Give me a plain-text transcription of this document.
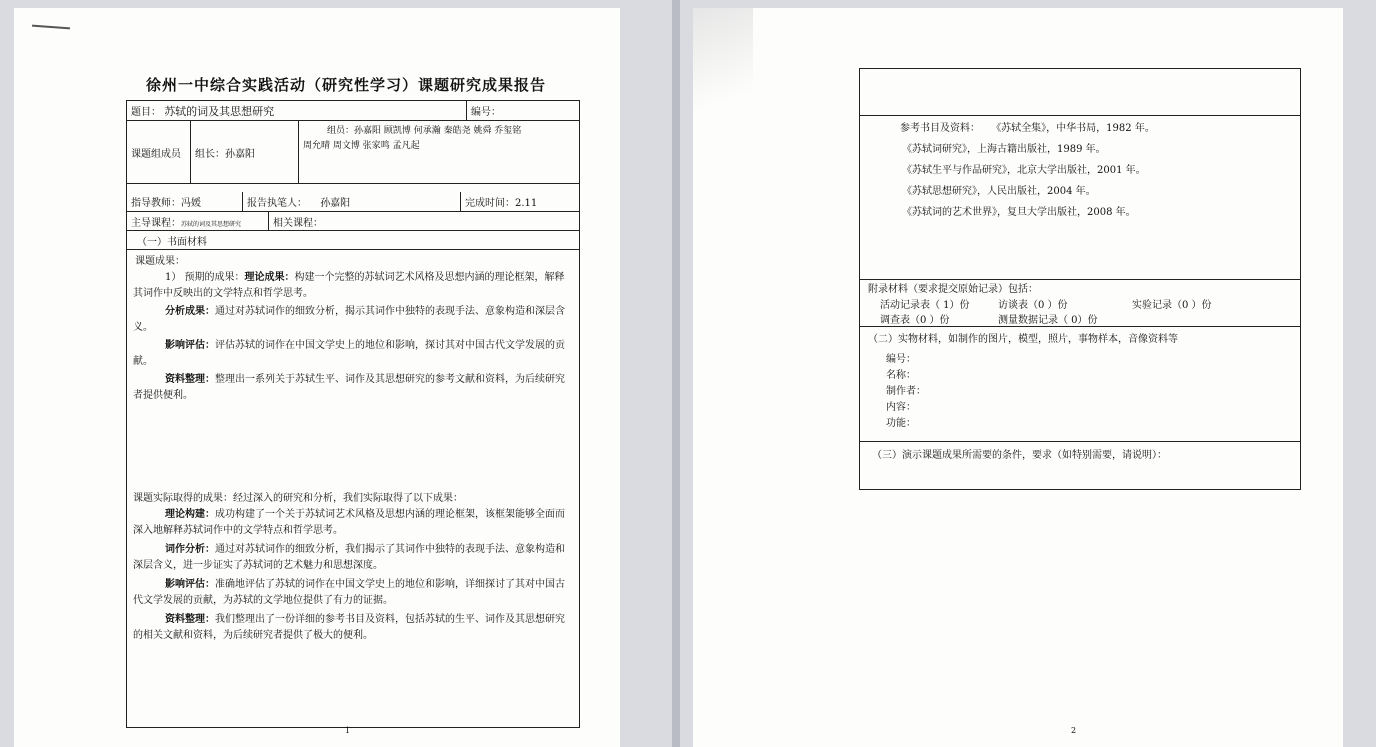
徐州一中综合实践活动（研究性学习）课题研究成果报告
题目： 苏轼的词及其思想研究	编号：
课题组成员	组长：孙嘉阳
组员：孙嘉阳 顾凯博 何承瀚 秦皓尧 姚舜 乔玺铭
周允晴 周文博 张家鸣 孟凡起
指导教师：冯媛	报告执笔人： 孙嘉阳	完成时间：2.11
主导课程：苏轼的词及其思想研究	相关课程：
（一）书面材料
课题成果：
1） 预期的成果：理论成果：构建一个完整的苏轼词艺术风格及思想内涵的理论框架，解释其词作中反映出的文学特点和哲学思考。
分析成果：通过对苏轼词作的细致分析，揭示其词作中独特的表现手法、意象构造和深层含义。
影响评估：评估苏轼的词作在中国文学史上的地位和影响，探讨其对中国古代文学发展的贡献。
资料整理：整理出一系列关于苏轼生平、词作及其思想研究的参考文献和资料，为后续研究者提供便利。
课题实际取得的成果：经过深入的研究和分析，我们实际取得了以下成果：
理论构建：成功构建了一个关于苏轼词艺术风格及思想内涵的理论框架，该框架能够全面而深入地解释苏轼词作中的文学特点和哲学思考。
词作分析：通过对苏轼词作的细致分析，我们揭示了其词作中独特的表现手法、意象构造和深层含义，进一步证实了苏轼词的艺术魅力和思想深度。
影响评估：准确地评估了苏轼的词作在中国文学史上的地位和影响，详细探讨了其对中国古代文学发展的贡献，为苏轼的文学地位提供了有力的证据。
资料整理：我们整理出了一份详细的参考书目及资料，包括苏轼的生平、词作及其思想研究的相关文献和资料，为后续研究者提供了极大的便利。
1
参考书目及资料： 《苏轼全集》，中华书局，1982 年。
《苏轼词研究》，上海古籍出版社，1989 年。
《苏轼生平与作品研究》，北京大学出版社，2001 年。
《苏轼思想研究》，人民出版社，2004 年。
《苏轼词的艺术世界》，复旦大学出版社，2008 年。
附录材料（要求提交原始记录）包括：
活动记录表（ 1）份	访谈表（0 ）份	实验记录（0 ）份
调查表（0 ）份	测量数据记录（ 0）份
（二）实物材料，如制作的图片，模型，照片，事物样本，音像资料等
编号：
名称：
制作者：
内容：
功能：
（三）演示课题成果所需要的条件，要求（如特别需要，请说明）：
2
